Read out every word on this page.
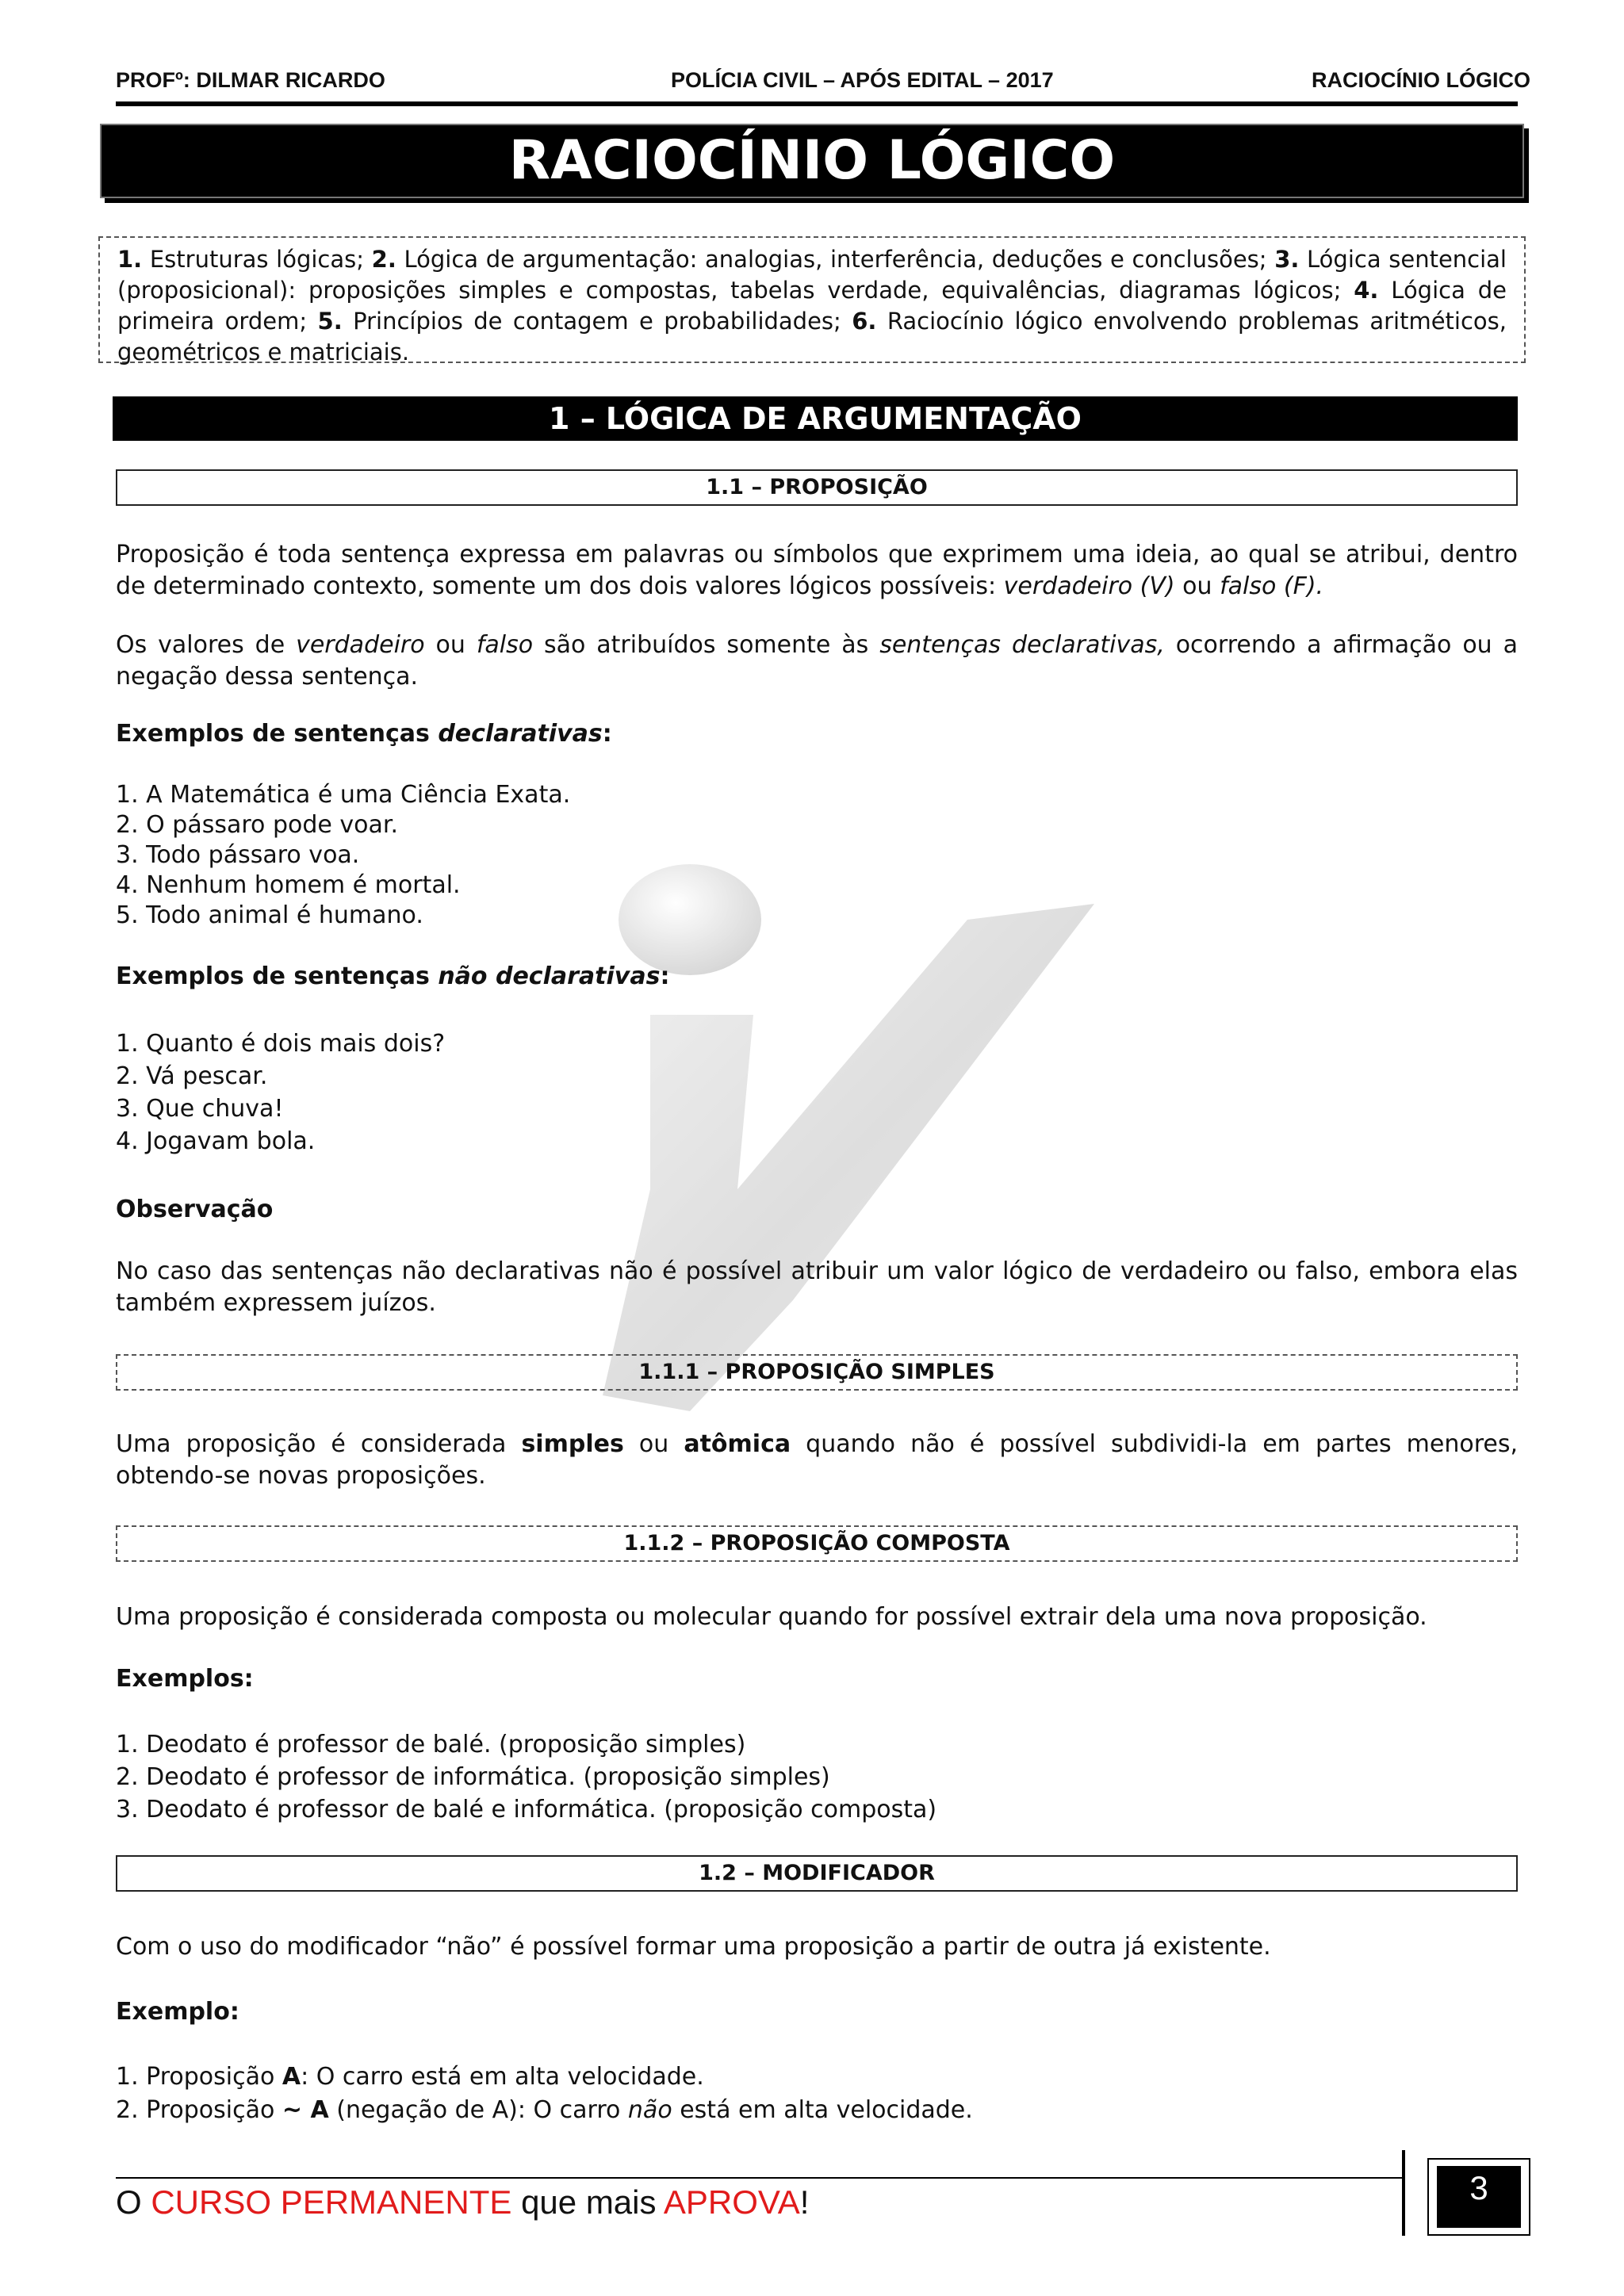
PROFº: DILMAR RICARDO	POLÍCIA CIVIL – APÓS EDITAL – 2017	RACIOCÍNIO LÓGICO
RACIOCÍNIO LÓGICO
1. Estruturas lógicas; 2. Lógica de argumentação: analogias, interferência, deduções e conclusões; 3. Lógica sentencial (proposicional): proposições simples e compostas, tabelas verdade, equivalências, diagramas lógicos; 4. Lógica de primeira ordem; 5. Princípios de contagem e probabilidades; 6. Raciocínio lógico envolvendo problemas aritméticos, geométricos e matriciais.
1 – LÓGICA DE ARGUMENTAÇÃO
1.1 – PROPOSIÇÃO

Proposição é toda sentença expressa em palavras ou símbolos que exprimem uma ideia, ao qual se atribui, dentro de determinado contexto, somente um dos dois valores lógicos possíveis: verdadeiro (V) ou falso (F).

Os valores de verdadeiro ou falso são atribuídos somente às sentenças declarativas, ocorrendo a afirmação ou a negação dessa sentença.

Exemplos de sentenças declarativas:
1. A Matemática é uma Ciência Exata.
2. O pássaro pode voar.
3. Todo pássaro voa.
4. Nenhum homem é mortal.
5. Todo animal é humano.
Exemplos de sentenças não declarativas:
1. Quanto é dois mais dois?
2. Vá pescar.
3. Que chuva!
4. Jogavam bola.
Observação

No caso das sentenças não declarativas não é possível atribuir um valor lógico de verdadeiro ou falso, embora elas também expressem juízos.

1.1.1 – PROPOSIÇÃO SIMPLES

Uma proposição é considerada simples ou atômica quando não é possível subdividi-la em partes menores, obtendo-se novas proposições.

1.1.2 – PROPOSIÇÃO COMPOSTA
Uma proposição é considerada composta ou molecular quando for possível extrair dela uma nova proposição.
Exemplos:
1. Deodato é professor de balé. (proposição simples)
2. Deodato é professor de informática. (proposição simples)
3. Deodato é professor de balé e informática. (proposição composta)
1.2 – MODIFICADOR
Com o uso do modificador “não” é possível formar uma proposição a partir de outra já existente.
Exemplo:
1. Proposição A: O carro está em alta velocidade.
2. Proposição ~ A (negação de A): O carro não está em alta velocidade.
O CURSO PERMANENTE que mais APROVA!	3
